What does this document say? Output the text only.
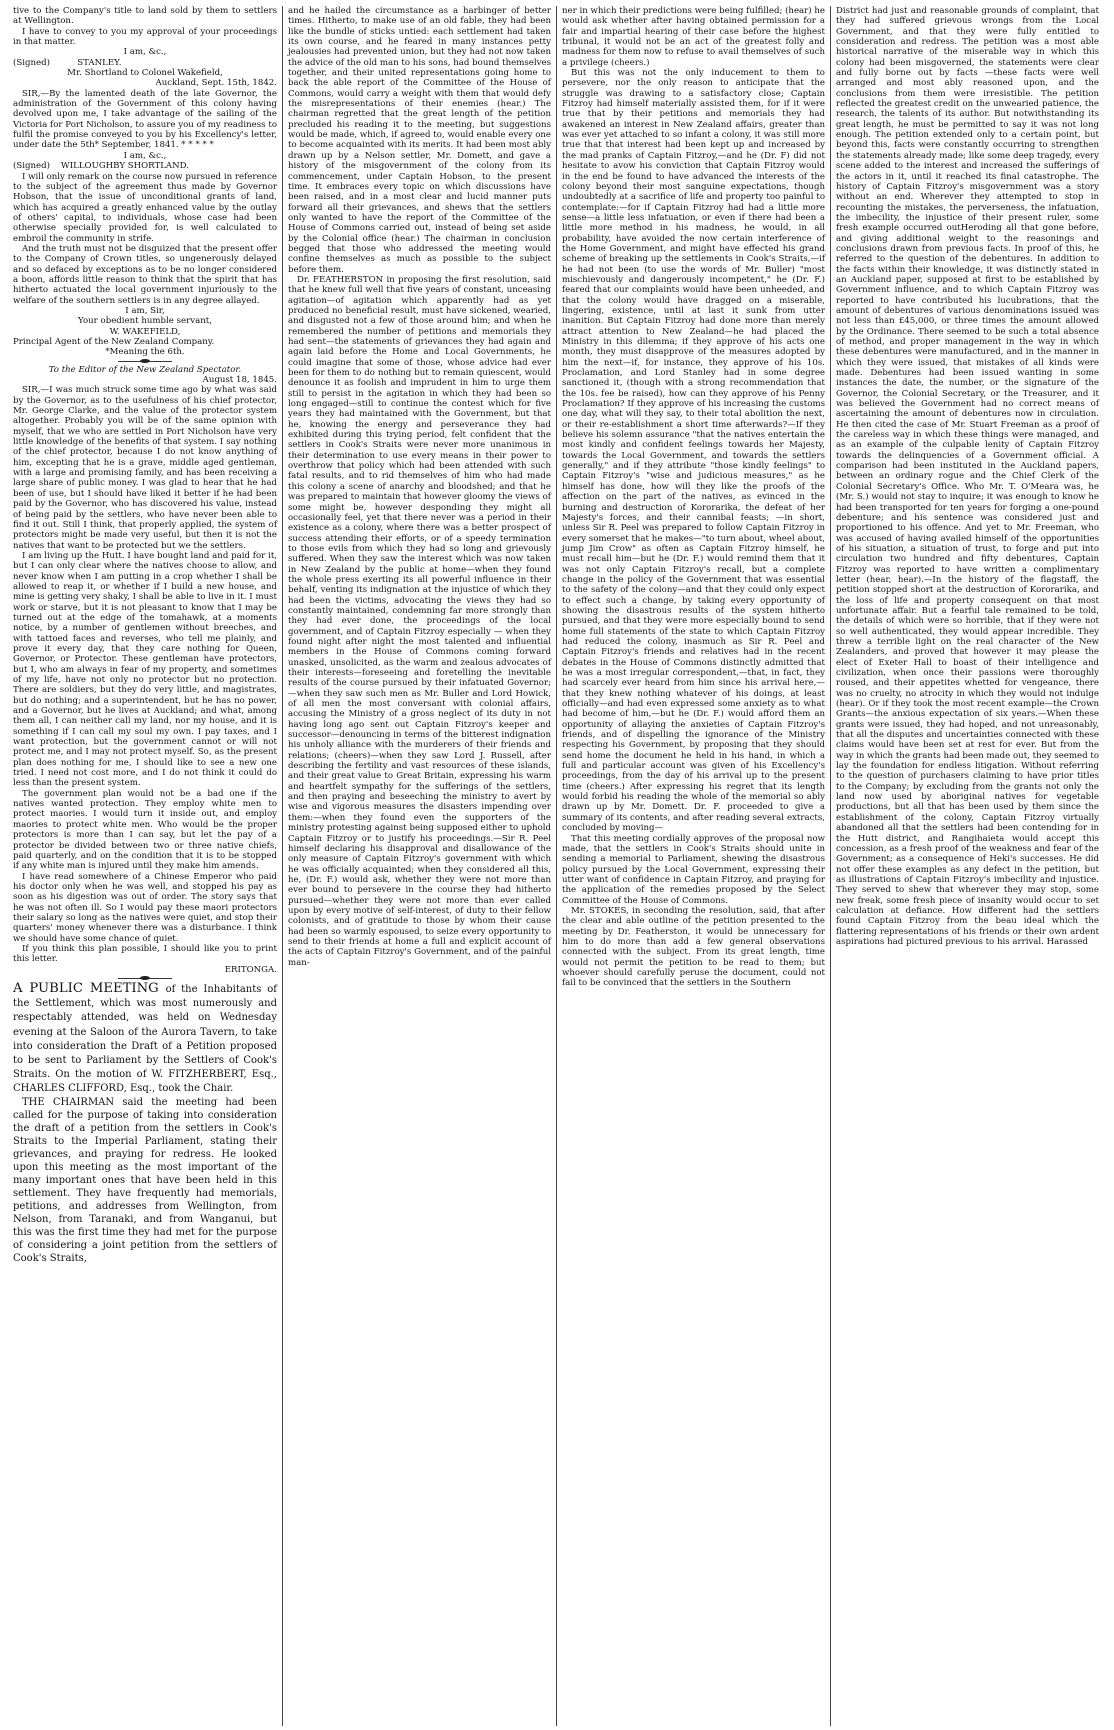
tive to the Company's title to land sold by them to settlers at Wellington.

I have to convey to you my approval of your proceedings in that matter.

I am, &c.,

(Signed)          STANLEY.

Mr. Shortland to Colonel Wakefield,

Auckland, Sept. 15th, 1842.

SIR,—By the lamented death of the late Governor, the administration of the Government of this colony having devolved upon me, I take advantage of the sailing of the Victoria for Port Nicholson, to assure you of my readiness to fulfil the promise conveyed to you by his Excellency's letter, under date the 5th* September, 1841. * * * * *

I am, &c.,

(Signed)    WILLOUGHBY SHORTLAND.

I will only remark on the course now pursued in reference to the subject of the agreement thus made by Governor Hobson, that the issue of unconditional grants of land, which has acquired a greatly enhanced value by the outlay of others' capital, to individuals, whose case had been otherwise specially provided for, is well calculated to embroil the community in strife.

And the truth must not be disguized that the present offer to the Company of Crown titles, so ungenerously delayed and so defaced by exceptions as to be no longer considered a boon, affords little reason to think that the spirit that has hitherto actuated the local government injuriously to the welfare of the southern settlers is in any degree allayed.

I am, Sir,

Your obedient humble servant,

W. WAKEFIELD,

Principal Agent of the New Zealand Company.

*Meaning the 6th.

To the Editor of the New Zealand Spectator.

August 18, 1845.

SIR,—I was much struck some time ago by what was said by the Governor, as to the usefulness of his chief protector, Mr. George Clarke, and the value of the protector system altogether. Probably you will be of the same opinion with myself, that we who are settled in Port Nicholson have very little knowledge of the benefits of that system. I say nothing of the chief protector, because I do not know anything of him, excepting that he is a grave, middle aged gentleman, with a large and promising family, and has been receiving a large share of public money. I was glad to hear that he had been of use, but I should have liked it better if he had been paid by the Governor, who has discovered his value, instead of being paid by the settlers, who have never been able to find it out. Still I think, that properly applied, the system of protectors might be made very useful, but then it is not the natives that want to be protected but we the settlers.

I am living up the Hutt. I have bought land and paid for it, but I can only clear where the natives choose to allow, and never know when I am putting in a crop whether I shall be allowed to reap it, or whether if I build a new house, and mine is getting very shaky, I shall be able to live in it. I must work or starve, but it is not pleasant to know that I may be turned out at the edge of the tomahawk, at a moments notice, by a number of gentlemen without breeches, and with tattoed faces and reverses, who tell me plainly, and prove it every day, that they care nothing for Queen, Governor, or Protector. These gentleman have protectors, but I, who am always in fear of my property, and sometimes of my life, have not only no protector but no protection. There are soldiers, but they do very little, and magistrates, but do nothing; and a superintendent, but he has no power, and a Governor, but he lives at Auckland; and what, among them all, I can neither call my land, nor my house, and it is something if I can call my soul my own. I pay taxes, and I want protection, but the government cannot or will not protect me, and I may not protect myself. So, as the present plan does nothing for me, I should like to see a new one tried. I need not cost more, and I do not think it could do less than the present system.

The government plan would not be a bad one if the natives wanted protection. They employ white men to protect maories. I would turn it inside out, and employ maories to protect white men. Who would be the proper protectors is more than I can say, but let the pay of a protector be divided between two or three native chiefs, paid quarterly, and on the condition that it is to be stopped if any white man is injured until they make him amends.

I have read somewhere of a Chinese Emperor who paid his doctor only when he was well, and stopped his pay as soon as his digestion was out of order. The story says that he was not often ill. So I would pay these maori protectors their salary so long as the natives were quiet, and stop their quarters' money whenever there was a disturbance. I think we should have some chance of quiet.

If you think this plan possible, I should like you to print this letter.

ERITONGA.

A PUBLIC MEETING of the Inhabitants of the Settlement, which was most numerously and respectably attended, was held on Wednesday evening at the Saloon of the Aurora Tavern, to take into consideration the Draft of a Petition proposed to be sent to Parliament by the Settlers of Cook's Straits. On the motion of W. FITZHERBERT, Esq., CHARLES CLIFFORD, Esq., took the Chair.

THE CHAIRMAN said the meeting had been called for the purpose of taking into consideration the draft of a petition from the settlers in Cook's Straits to the Imperial Parliament, stating their grievances, and praying for redress. He looked upon this meeting as the most important of the many important ones that have been held in this settlement. They have frequently had memorials, petitions, and addresses from Wellington, from Nelson, from Taranaki, and from Wanganui, but this was the first time they had met for the purpose of considering a joint petition from the settlers of Cook's Straits,

and he hailed the circumstance as a harbinger of better times. Hitherto, to make use of an old fable, they had been like the bundle of sticks untied: each settlement had taken its own course, and he feared in many instances petty jealousies had prevented union, but they had not now taken the advice of the old man to his sons, had bound themselves together, and their united representations going home to back the able report of the Committee of the House of Commons, would carry a weight with them that would defy the misrepresentations of their enemies (hear.) The chairman regretted that the great length of the petition precluded his reading it to the meeting, but suggestions would be made, which, if agreed to, would enable every one to become acquainted with its merits. It had been most ably drawn up by a Nelson settler, Mr. Domett, and gave a history of the misgovernment of the colony from its commencement, under Captain Hobson, to the present time. It embraces every topic on which discussions have been raised, and in a most clear and lucid manner puts forward all their grievances, and shews that the settlers only wanted to have the report of the Committee of the House of Commons carried out, instead of being set aside by the Colonial office (hear.) The chairman in conclusion begged that those who addressed the meeting would confine themselves as much as possible to the subject before them.

Dr. FEATHERSTON in proposing the first resolution, said that he knew full well that five years of constant, unceasing agitation—of agitation which apparently had as yet produced no beneficial result, must have sickened, wearied, and disgusted not a few of those around him; and when he remembered the number of petitions and memorials they had sent—the statements of grievances they had again and again laid before the Home and Local Governments, he could imagine that some of those, whose advice had ever been for them to do nothing but to remain quiescent, would denounce it as foolish and imprudent in him to urge them still to persist in the agitation in which they had been so long engaged—still to continue the contest which for five years they had maintained with the Government, but that he, knowing the energy and perseverance they had exhibited during this trying period, felt confident that the settlers in Cook's Straits were never more unanimous in their determination to use every means in their power to overthrow that policy which had been attended with such fatal results, and to rid themselves of him who had made this colony a scene of anarchy and bloodshed; and that he was prepared to maintain that however gloomy the views of some might be, however desponding they might all occasionally feel, yet that there never was a period in their existence as a colony, where there was a better prospect of success attending their efforts, or of a speedy termination to those evils from which they had so long and grievously suffered. When they saw the interest which was now taken in New Zealand by the public at home—when they found the whole press exerting its all powerful influence in their behalf, venting its indignation at the injustice of which they had been the victims, advocating the views they had so constantly maintained, condemning far more strongly than they had ever done, the proceedings of the local government, and of Captain Fitzroy especially — when they found night after night the most talented and influential members in the House of Commons coming forward unasked, unsolicited, as the warm and zealous advocates of their interests—foreseeing and foretelling the inevitable results of the course pursued by their infatuated Governor;—when they saw such men as Mr. Buller and Lord Howick, of all men the most conversant with colonial affairs, accusing the Ministry of a gross neglect of its duty in not having long ago sent out Captain Fitzroy's keeper and successor—denouncing in terms of the bitterest indignation his unholy alliance with the murderers of their friends and relations; (cheers)—when they saw Lord J. Russell, after describing the fertility and vast resources of these islands, and their great value to Great Britain, expressing his warm and heartfelt sympathy for the sufferings of the settlers, and then praying and beseeching the ministry to avert by wise and vigorous measures the disasters impending over them:—when they found even the supporters of the ministry protesting against being supposed either to uphold Captain Fitzroy or to justify his proceedings.—Sir R. Peel himself declaring his disapproval and disallowance of the only measure of Captain Fitzroy's government with which he was officially acquainted; when they considered all this, he, (Dr. F.) would ask, whether they were not more than ever bound to persevere in the course they had hitherto pursued—whether they were not more than ever called upon by every motive of self-interest, of duty to their fellow colonists, and of gratitude to those by whom their cause had been so warmly espoused, to seize every opportunity to send to their friends at home a full and explicit account of the acts of Captain Fitzroy's Government, and of the painful man-

ner in which their predictions were being fulfilled; (hear) he would ask whether after having obtained permission for a fair and impartial hearing of their case before the highest tribunal, it would not be an act of the greatest folly and madness for them now to refuse to avail themselves of such a privilege (cheers.)

But this was not the only inducement to them to persevere, nor the only reason to anticipate that the struggle was drawing to a satisfactory close; Captain Fitzroy had himself materially assisted them, for if it were true that by their petitions and memorials they had awakened an interest in New Zealand affairs, greater than was ever yet attached to so infant a colony, it was still more true that that interest had been kept up and increased by the mad pranks of Captain Fitzroy,—and he (Dr. F) did not hesitate to avow his conviction that Captain Fitzroy would in the end be found to have advanced the interests of the colony beyond their most sanguine expectations, though undoubtedly at a sacrifice of life and property too painful to contemplate:—for if Captain Fitzroy had had a little more sense—a little less infatuation, or even if there had been a little more method in his madness, he would, in all probability, have avoided the now certain interference of the Home Government, and might have effected his grand scheme of breaking up the settlements in Cook's Straits,—if he had not been (to use the words of Mr. Buller) "most mischievously and dangerously incompetent," he (Dr. F.) feared that our complaints would have been unheeded, and that the colony would have dragged on a miserable, lingering, existence, until at last it sunk from utter inanition. But Captain Fitzroy had done more than merely attract attention to New Zealand—he had placed the Ministry in this dilemma; if they approve of his acts one month, they must disapprove of the measures adopted by him the next—if, for instance, they approve of his 10s. Proclamation, and Lord Stanley had in some degree sanctioned it, (though with a strong recommendation that the 10s. fee be raised), how can they approve of his Penny Proclamation? If they approve of his increasing the customs one day, what will they say, to their total abolition the next, or their re-establishment a short time afterwards?—If they believe his solemn assurance "that the natives entertain the most kindly and confident feelings towards her Majesty, towards the Local Government, and towards the settlers generally," and if they attribute "those kindly feelings" to Captain Fitzroy's "wise and judicious measures," as he himself has done, how will they like the proofs of the affection on the part of the natives, as evinced in the burning and destruction of Kororarika, the defeat of her Majesty's forces, and their cannibal feasts; —in short, unless Sir R. Peel was prepared to follow Captain Fitzroy in every somerset that he makes—"to turn about, wheel about, jump Jim Crow" as often as Captain Fitzroy himself, he must recall him—but he (Dr. F.) would remind them that it was not only Captain Fitzroy's recall, but a complete change in the policy of the Government that was essential to the safety of the colony—and that they could only expect to effect such a change, by taking every opportunity of showing the disastrous results of the system hitherto pursued, and that they were more especially bound to send home full statements of the state to which Captain Fitzroy had reduced the colony, inasmuch as Sir R. Peel and Captain Fitzroy's friends and relatives had in the recent debates in the House of Commons distinctly admitted that he was a most irregular correspondent,—that, in fact, they had scarcely ever heard from him since his arrival here,—that they knew nothing whatever of his doings, at least officially—and had even expressed some anxiety as to what had become of him,—but he (Dr. F.) would afford them an opportunity of allaying the anxieties of Captain Fitzroy's friends, and of dispelling the ignorance of the Ministry respecting his Government, by proposing that they should send home the document he held in his hand, in which a full and particular account was given of his Excellency's proceedings, from the day of his arrival up to the present time (cheers.) After expressing his regret that its length would forbid his reading the whole of the memorial so ably drawn up by Mr. Domett. Dr. F. proceeded to give a summary of its contents, and after reading several extracts, concluded by moving—

That this meeting cordially approves of the proposal now made, that the settlers in Cook's Straits should unite in sending a memorial to Parliament, shewing the disastrous policy pursued by the Local Government, expressing their utter want of confidence in Captain Fitzroy, and praying for the application of the remedies proposed by the Select Committee of the House of Commons.

Mr. STOKES, in seconding the resolution, said, that after the clear and able outline of the petition presented to the meeting by Dr. Featherston, it would be unnecessary for him to do more than add a few general observations connected with the subject. From its great length, time would not permit the petition to be read to them; but whoever should carefully peruse the document, could not fail to be convinced that the settlers in the Southern

District had just and reasonable grounds of complaint, that they had suffered grievous wrongs from the Local Government, and that they were fully entitled to consideration and redress. The petition was a most able historical narrative of the miserable way in which this colony had been misgoverned, the statements were clear and fully borne out by facts —these facts were well arranged and most ably reasoned upon, and the conclusions from them were irresistible. The petition reflected the greatest credit on the unwearied patience, the research, the talents of its author. But notwithstanding its great length, he must be permitted to say it was not long enough. The petition extended only to a certain point, but beyond this, facts were constantly occurring to strengthen the statements already made; like some deep tragedy, every scene added to the interest and increased the sufferings of the actors in it, until it reached its final catastrophe. The history of Captain Fitzroy's misgovernment was a story without an end. Wherever they attempted to stop in recounting the mistakes, the perverseness, the infatuation, the imbecility, the injustice of their present ruler, some fresh example occurred outHeroding all that gone before, and giving additional weight to the reasonings and conclusions drawn from previous facts. In proof of this, he referred to the question of the debentures. In addition to the facts within their knowledge, it was distinctly stated in an Auckland paper, supposed at first to be established by Government influence, and to which Captain Fitzroy was reported to have contributed his lucubrations, that the amount of debentures of various denominations issued was not less than £45,000, or three times the amount allowed by the Ordinance. There seemed to be such a total absence of method, and proper management in the way in which these debentures were manufactured, and in the manner in which they were issued, that mistakes of all kinds were made. Debentures had been issued wanting in some instances the date, the number, or the signature of the Governor, the Colonial Secretary, or the Treasurer, and it was believed the Government had no correct means of ascertaining the amount of debentures now in circulation. He then cited the case of Mr. Stuart Freeman as a proof of the careless way in which these things were managed, and as an example of the culpable lenity of Captain Fitzroy towards the delinquencies of a Government official. A comparison had been instituted in the Auckland papers, between an ordinary rogue and the Chief Clerk of the Colonial Secretary's Office. Who Mr. T. O'Meara was, he (Mr. S.) would not stay to inquire; it was enough to know he had been transported for ten years for forging a one-pound debenture; and his sentence was considered just and proportioned to his offence. And yet to Mr. Freeman, who was accused of having availed himself of the opportunities of his situation, a situation of trust, to forge and put into circulation two hundred and fifty debentures, Captain Fitzroy was reported to have written a complimentary letter (hear, hear).—In the history of the flagstaff, the petition stopped short at the destruction of Kororarika, and the loss of life and property consequent on that most unfortunate affair. But a fearful tale remained to be told, the details of which were so horrible, that if they were not so well authenticated, they would appear incredible. They threw a terrible light on the real character of the New Zealanders, and proved that however it may please the elect of Exeter Hall to boast of their intelligence and civilization, when once their passions were thoroughly roused, and their appetites whetted for vengeance, there was no cruelty, no atrocity in which they would not indulge (hear). Or if they took the most recent example—the Crown Grants—the anxious expectation of six years.—When these grants were issued, they had hoped, and not unreasonably, that all the disputes and uncertainties connected with these claims would have been set at rest for ever. But from the way in which the grants had been made out, they seemed to lay the foundation for endless litigation. Without referring to the question of purchasers claiming to have prior titles to the Company; by excluding from the grants not only the land now used by aboriginal natives for vegetable productions, but all that has been used by them since the establishment of the colony, Captain Fitzroy virtually abandoned all that the settlers had been contending for in the Hutt district, and Rangihaieta would accept this concession, as a fresh proof of the weakness and fear of the Government; as a consequence of Heki's successes. He did not offer these examples as any defect in the petition, but as illustrations of Captain Fitzroy's imbecility and injustice. They served to shew that wherever they may stop, some new freak, some fresh piece of insanity would occur to set calculation at defiance. How different had the settlers found Captain Fitzroy from the beau ideal which the flattering representations of his friends or their own ardent aspirations had pictured previous to his arrival. Harassed
